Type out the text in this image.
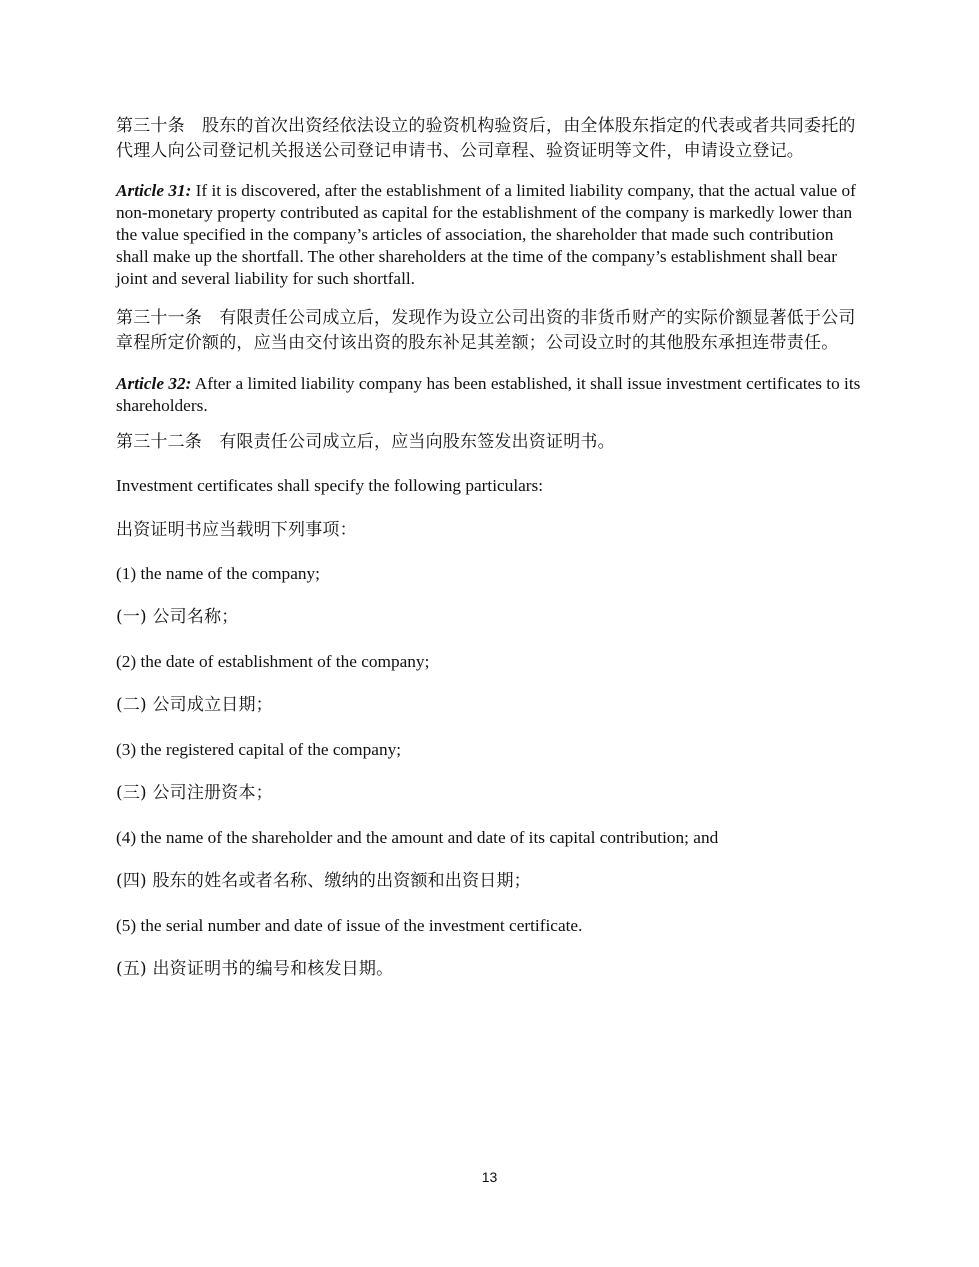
第三十条　股东的首次出资经依法设立的验资机构验资后，由全体股东指定的代表或者共同委托的代理人向公司登记机关报送公司登记申请书、公司章程、验资证明等文件，申请设立登记。

Article 31: If it is discovered, after the establishment of a limited liability company, that the actual value of non-monetary property contributed as capital for the establishment of the company is markedly lower than the value specified in the company’s articles of association, the shareholder that made such contribution shall make up the shortfall. The other shareholders at the time of the company’s establishment shall bear joint and several liability for such shortfall.

第三十一条　有限责任公司成立后，发现作为设立公司出资的非货币财产的实际价额显著低于公司章程所定价额的，应当由交付该出资的股东补足其差额；公司设立时的其他股东承担连带责任。

Article 32: After a limited liability company has been established, it shall issue investment certificates to its shareholders.

第三十二条　有限责任公司成立后，应当向股东签发出资证明书。

Investment certificates shall specify the following particulars:

出资证明书应当载明下列事项：

(1) the name of the company;

(一) 公司名称；

(2) the date of establishment of the company;

(二) 公司成立日期；

(3) the registered capital of the company;

(三) 公司注册资本；

(4) the name of the shareholder and the amount and date of its capital contribution; and

(四) 股东的姓名或者名称、缴纳的出资额和出资日期；

(5) the serial number and date of issue of the investment certificate.

(五) 出资证明书的编号和核发日期。

13
